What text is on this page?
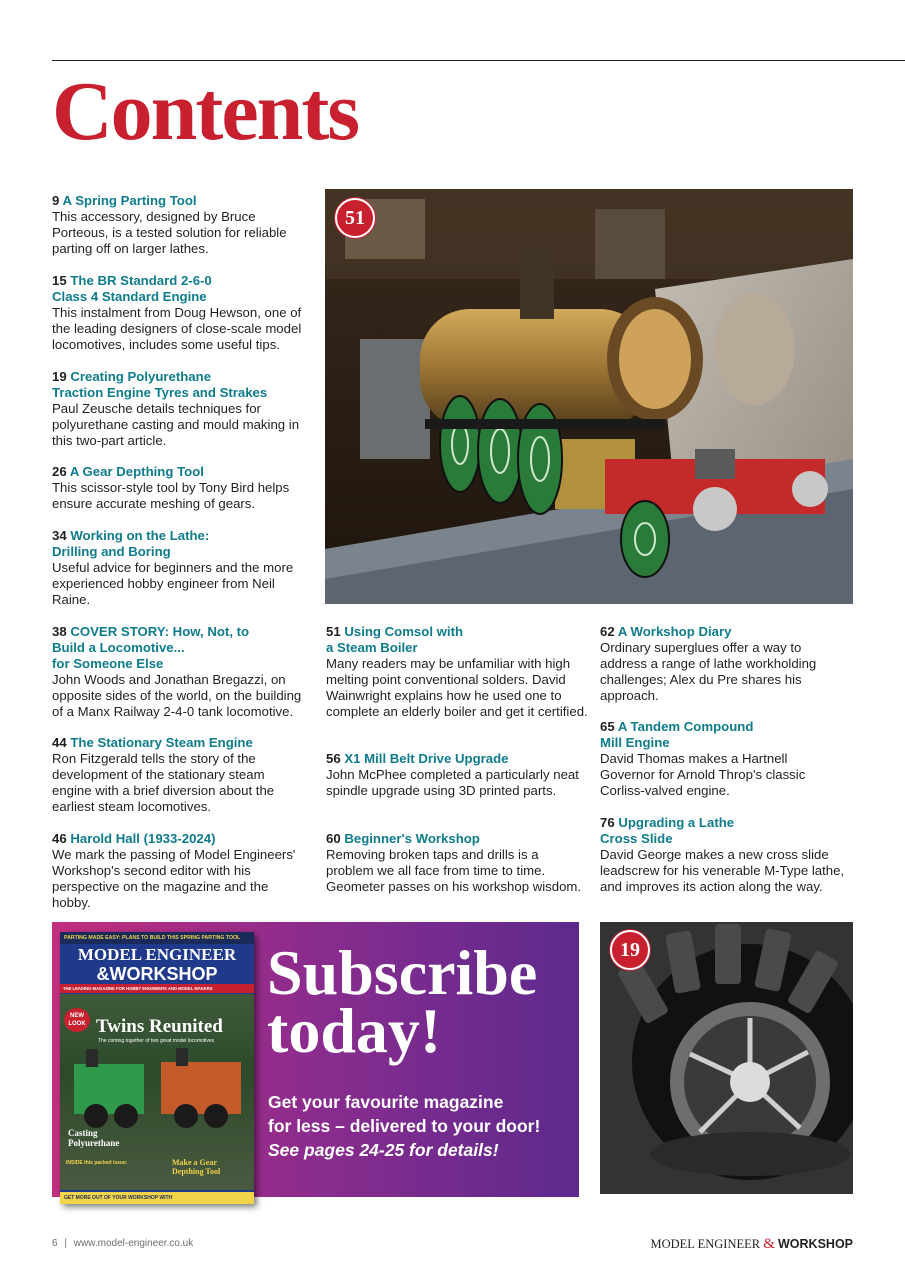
Contents

9 A Spring Parting Tool

This accessory, designed by Bruce Porteous, is a tested solution for reliable parting off on larger lathes.

15 The BR Standard 2-6-0
Class 4 Standard Engine

This instalment from Doug Hewson, one of the leading designers of close-scale model locomotives, includes some useful tips.

19 Creating Polyurethane
Traction Engine Tyres and Strakes

Paul Zeusche details techniques for polyurethane casting and mould making in this two-part article.

26 A Gear Depthing Tool

This scissor-style tool by Tony Bird helps ensure accurate meshing of gears.

34 Working on the Lathe:
Drilling and Boring

Useful advice for beginners and the more experienced hobby engineer from Neil Raine.

38 COVER STORY: How, Not, to
Build a Locomotive...
for Someone Else

John Woods and Jonathan Bregazzi, on opposite sides of the world, on the building of a Manx Railway 2-4-0 tank locomotive.

44 The Stationary Steam Engine

Ron Fitzgerald tells the story of the development of the stationary steam engine with a brief diversion about the earliest steam locomotives.

46 Harold Hall (1933-2024)

We mark the passing of Model Engineers' Workshop's second editor with his perspective on the magazine and the hobby.

51 Using Comsol with
a Steam Boiler

Many readers may be unfamiliar with high melting point conventional solders. David Wainwright explains how he used one to complete an elderly boiler and get it certified.

56 X1 Mill Belt Drive Upgrade

John McPhee completed a particularly neat spindle upgrade using 3D printed parts.

60 Beginner's Workshop

Removing broken taps and drills is a problem we all face from time to time. Geometer passes on his workshop wisdom.

62 A Workshop Diary

Ordinary superglues offer a way to address a range of lathe workholding challenges; Alex du Pre shares his approach.

65 A Tandem Compound
Mill Engine

David Thomas makes a Hartnell Governor for Arnold Throp's classic Corliss-valved engine.

76 Upgrading a Lathe
Cross Slide

David George makes a new cross slide leadscrew for his venerable M-Type lathe, and improves its action along the way.

51
Subscribe
today!
Get your favourite magazine
for less – delivered to your door!
See pages 24-25 for details!
PARTING MADE EASY: PLANS TO BUILD THIS SPRING PARTING TOOL
MODEL ENGINEER
&WORKSHOP
THE LEADING MAGAZINE FOR HOBBY ENGINEERS AND MODEL MAKERS
NEW LOOK Twins Reunited
The coming together of two great model locomotives
Casting Polyurethane
Make a Gear Depthing Tool
INSIDE this packed issue:
GET MORE OUT OF YOUR WORKSHOP WITH
19
6 | www.model-engineer.co.uk	MODEL ENGINEER & WORKSHOP
